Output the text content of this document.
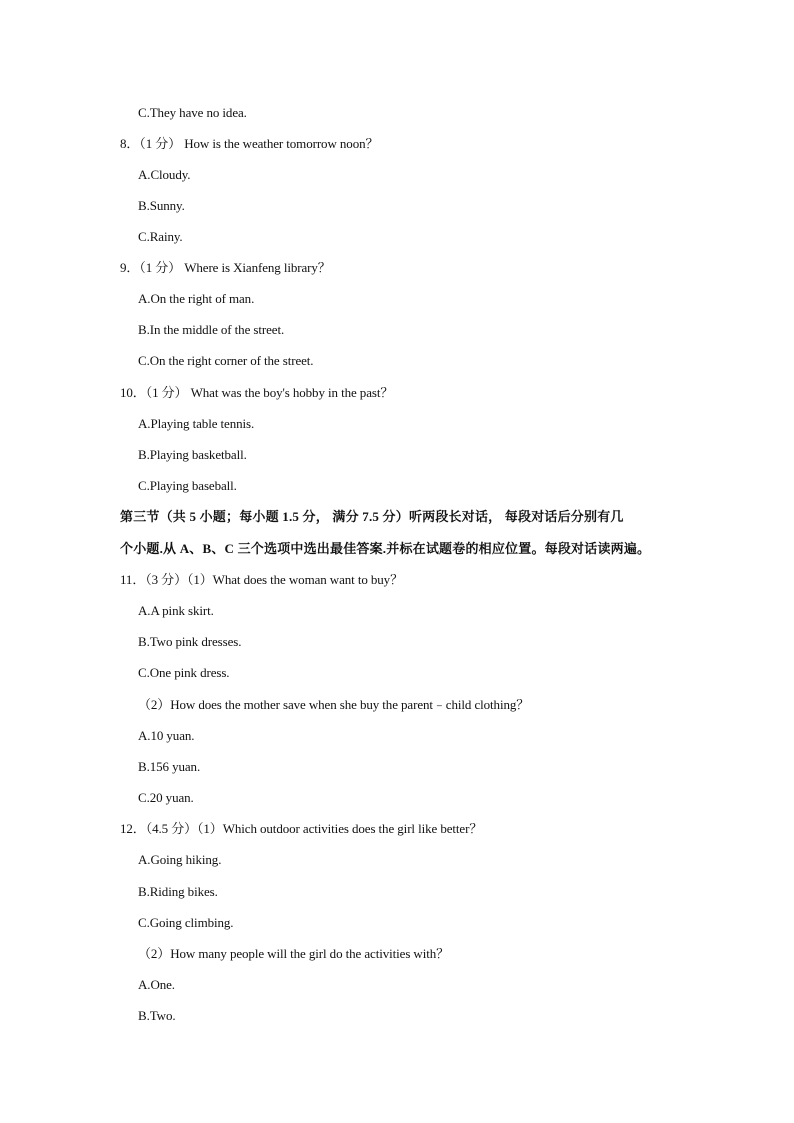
C.They have no idea.
8．（1 分） How is the weather tomorrow noon？
A.Cloudy.
B.Sunny.
C.Rainy.
9．（1 分） Where is Xianfeng library？
A.On the right of man.
B.In the middle of the street.
C.On the right corner of the street.
10．（1 分） What was the boy's hobby in the past？
A.Playing table tennis.
B.Playing basketball.
C.Playing baseball.
第三节（共 5 小题；每小题 1.5 分， 满分 7.5 分）听两段长对话， 每段对话后分别有几
个小题.从 A、B、C 三个选项中选出最佳答案.并标在试题卷的相应位置。每段对话读两遍。
11．（3 分）（1）What does the woman want to buy？
A.A pink skirt.
B.Two pink dresses.
C.One pink dress.
（2）How does the mother save when she buy the parent﹣child clothing？
A.10 yuan.
B.156 yuan.
C.20 yuan.
12．（4.5 分）（1）Which outdoor activities does the girl like better？
A.Going hiking.
B.Riding bikes.
C.Going climbing.
（2）How many people will the girl do the activities with？
A.One.
B.Two.
